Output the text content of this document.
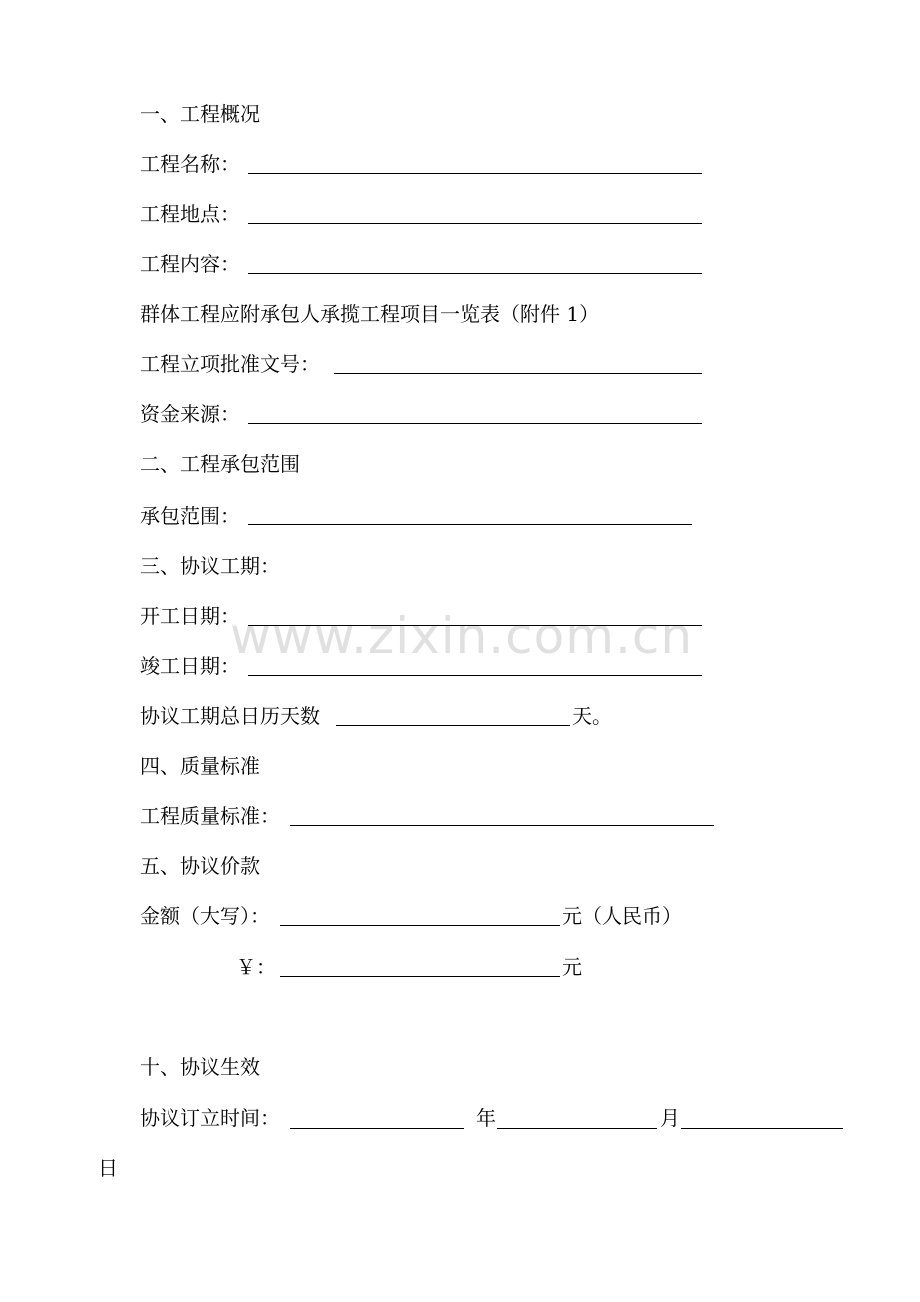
www.zixin.com.cn
一、工程概况
工程名称：
工程地点：
工程内容：
群体工程应附承包人承揽工程项目一览表（附件 1）
工程立项批准文号：
资金来源：
二、工程承包范围
承包范围：
三、协议工期：
开工日期：
竣工日期：
协议工期总日历天数	天。
四、质量标准
工程质量标准：
五、协议价款
金额（大写）：	元（人民币）
￥：	元
十、协议生效
协议订立时间：	年	月
日
